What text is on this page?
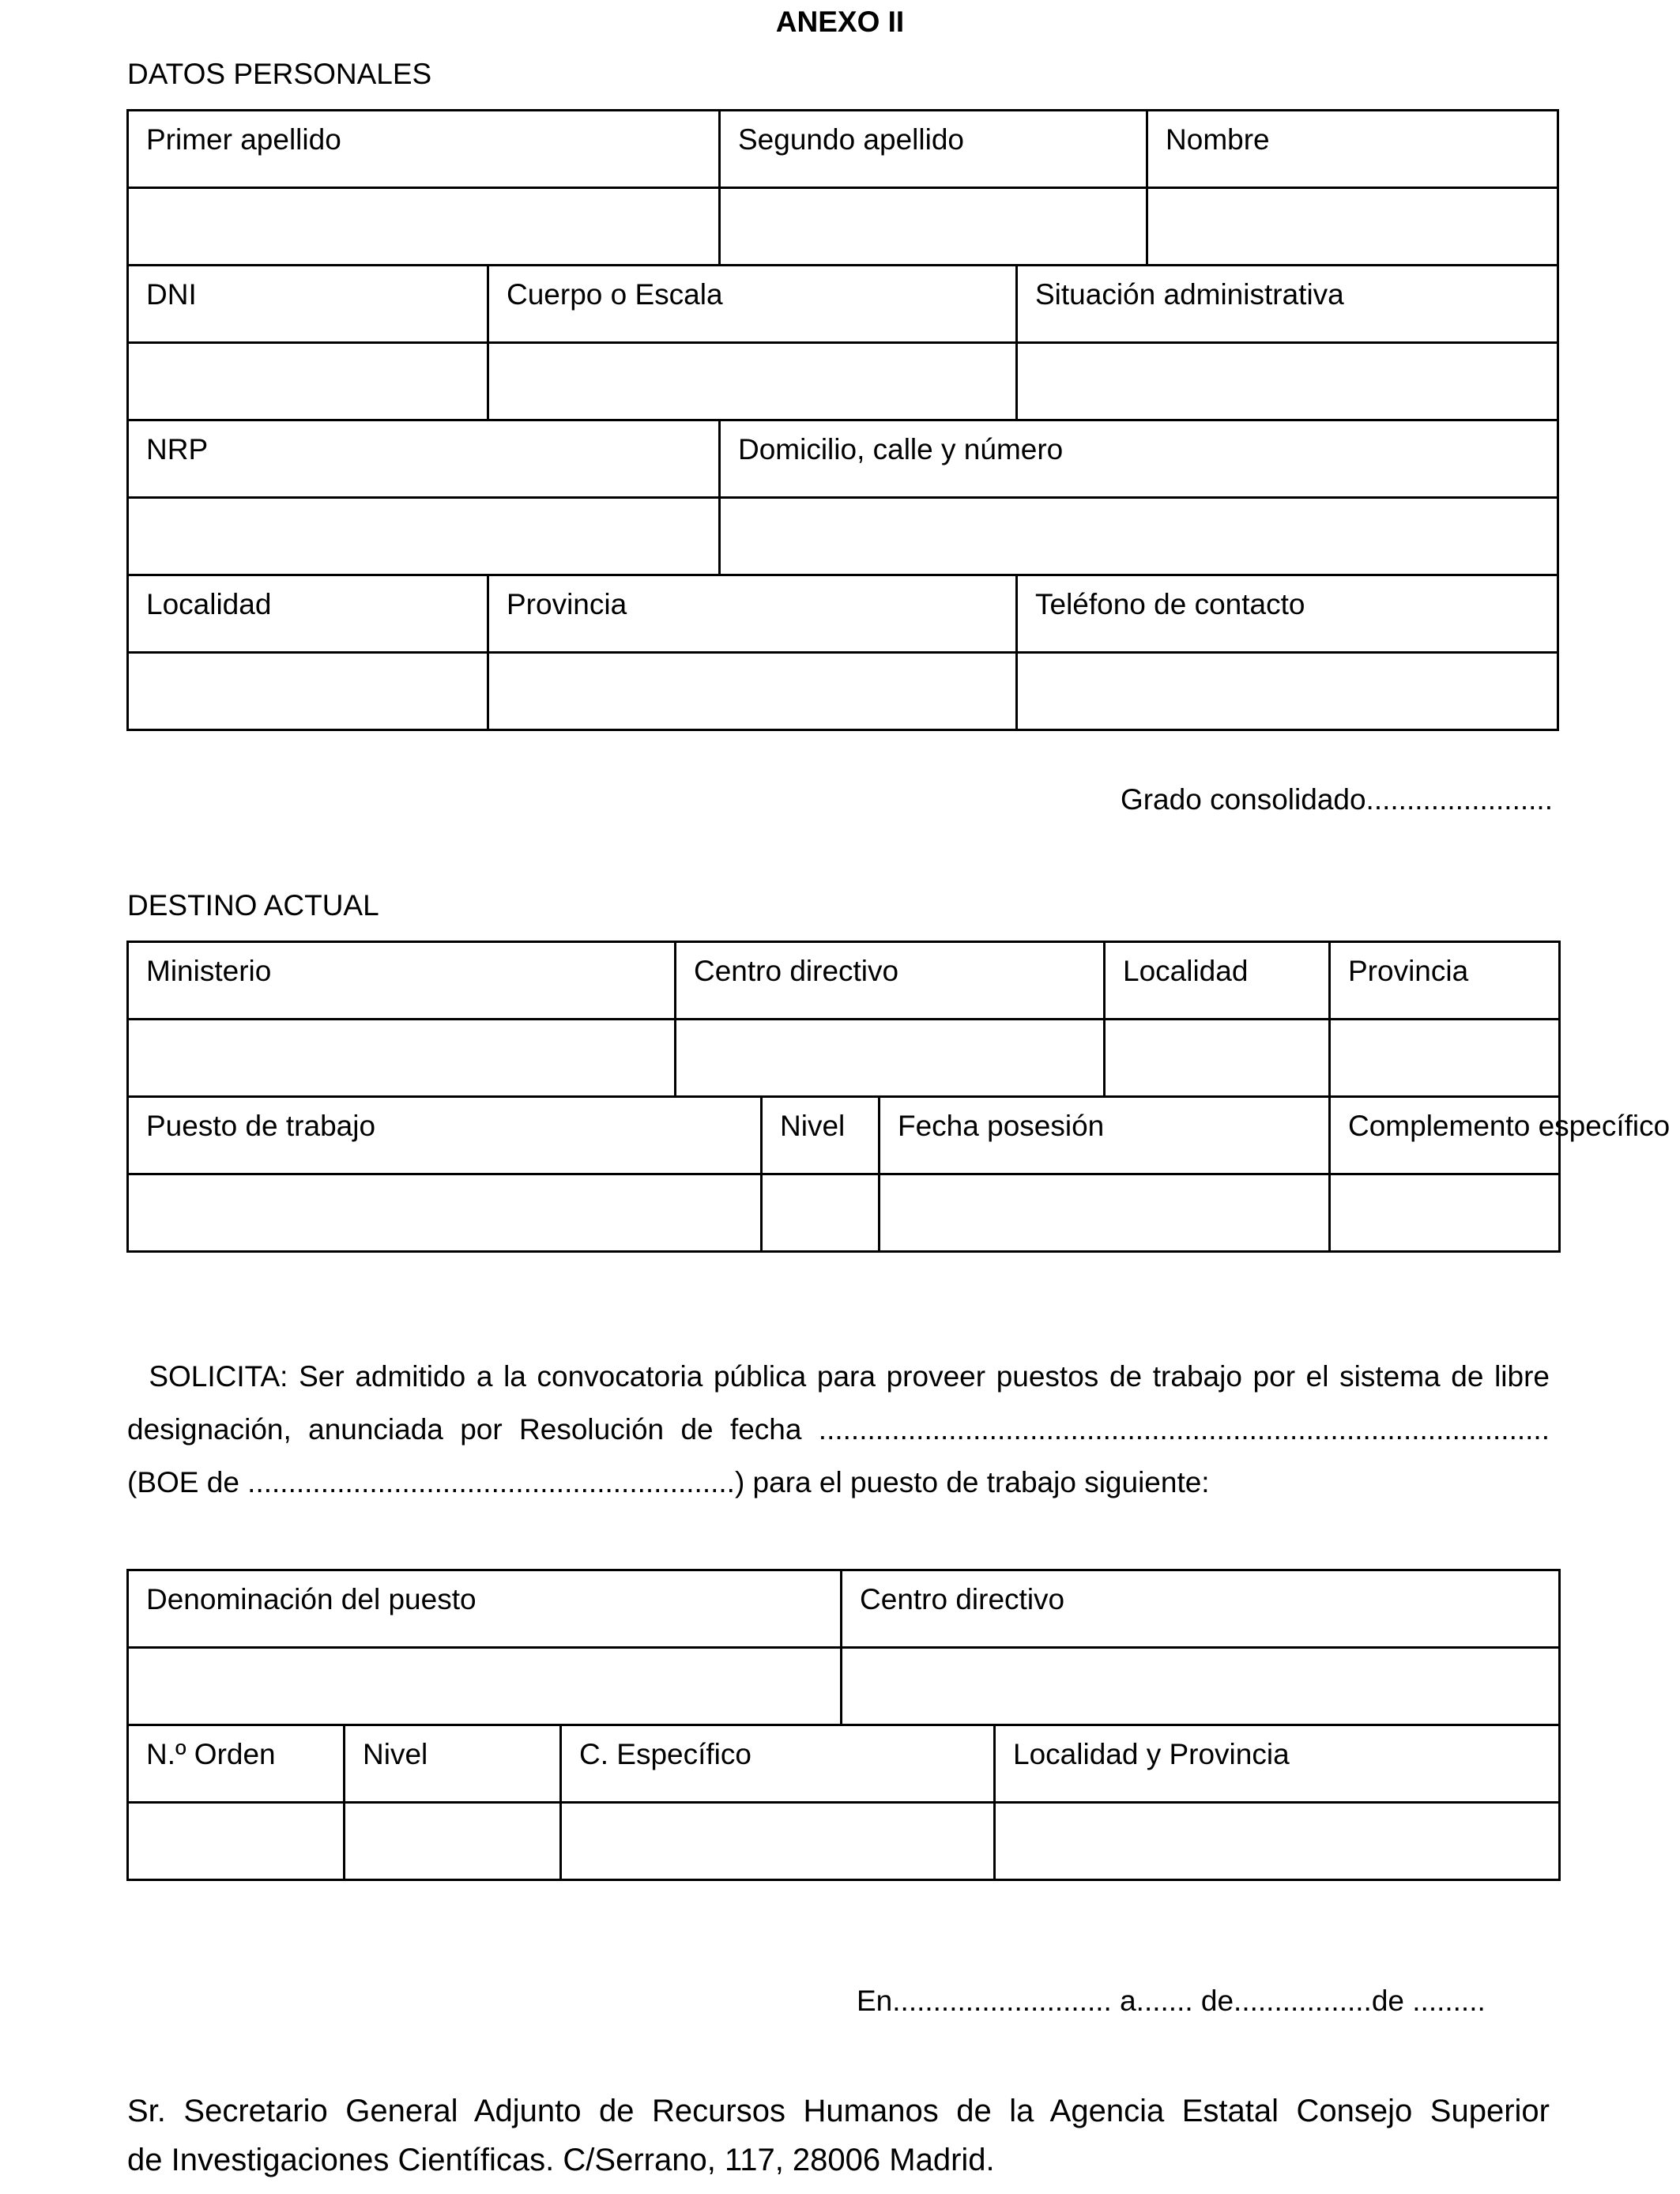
ANEXO II
DATOS PERSONALES
Primer apellido		Segundo apellido		Nombre

DNI	Cuerpo o Escala		Situación administrativa	

NRP		Domicilio, calle y número		

Localidad	Provincia		Teléfono de contacto	

Grado consolidado.......................
DESTINO ACTUAL
Ministerio	Centro directivo			Localidad	Provincia

Puesto de trabajo		Nivel	Fecha posesión		Complemento específico

SOLICITA: Ser admitido a la convocatoria pública para proveer puestos de trabajo por el sistema de libre
designación, anunciada por Resolución de fecha ..........................................................................................
(BOE de ............................................................) para el puesto de trabajo siguiente:
Denominación del puesto			Centro directivo	

N.º Orden	Nivel	C. Específico		Localidad y Provincia

En........................... a....... de.................de .........
Sr. Secretario General Adjunto de Recursos Humanos de la Agencia Estatal Consejo Superior
de Investigaciones Científicas. C/Serrano, 117, 28006 Madrid.
